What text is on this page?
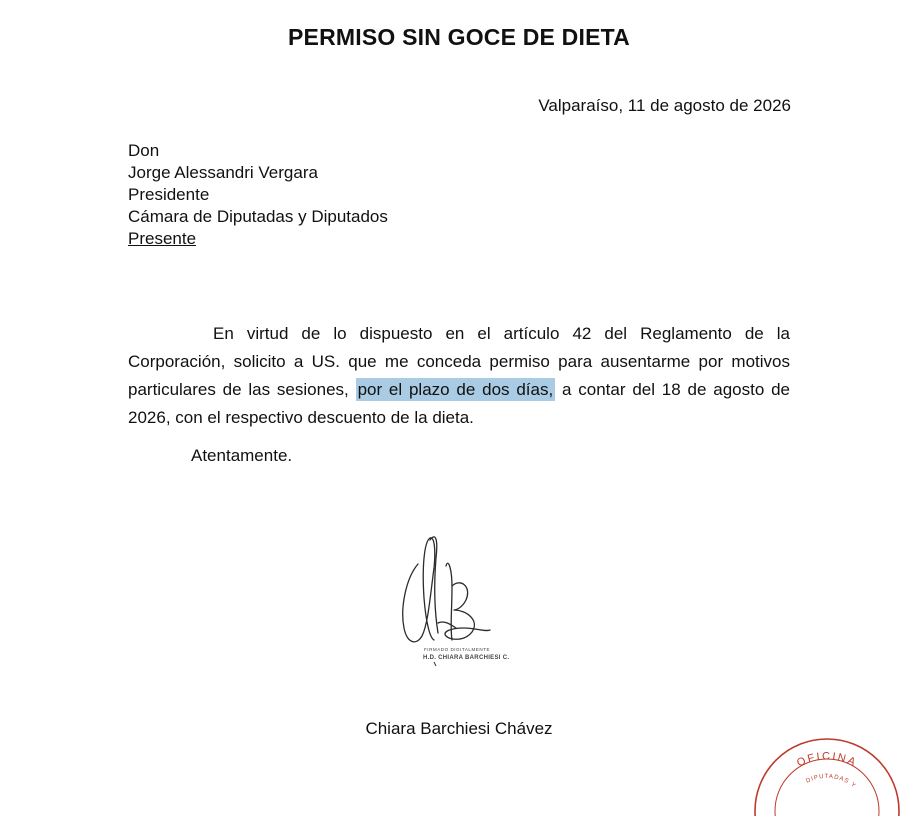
PERMISO SIN GOCE DE DIETA
Valparaíso, 11 de agosto de 2026
Don
Jorge Alessandri Vergara
Presidente
Cámara de Diputadas y Diputados
Presente

En virtud de lo dispuesto en el artículo 42 del Reglamento de la Corporación, solicito a US. que me conceda permiso para ausentarme por motivos particulares de las sesiones, por el plazo de dos días, a contar del 18 de agosto de 2026, con el respectivo descuento de la dieta.

Atentamente.
FIRMADO DIGITALMENTE
H.D. CHIARA BARCHIESI C.
Chiara Barchiesi Chávez
OFICINA
DIPUTADAS Y
